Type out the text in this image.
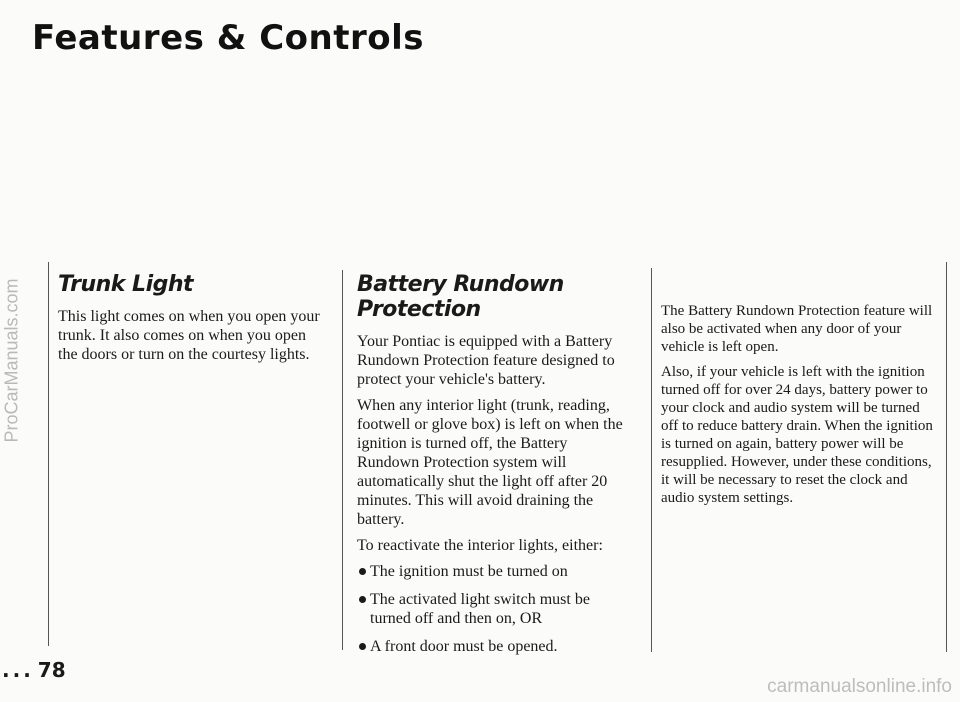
Features & Controls
ProCarManuals.com Trunk Light

This light comes on when you open your trunk. It also comes on when you open the doors or turn on the courtesy lights.

Battery Rundown Protection

Your Pontiac is equipped with a Battery Rundown Protection feature designed to protect your vehicle's battery.

When any interior light (trunk, reading, footwell or glove box) is left on when the ignition is turned off, the Battery Rundown Protection system will automatically shut the light off after 20 minutes. This will avoid draining the battery.

To reactivate the interior lights, either:

The ignition must be turned on
The activated light switch must be turned off and then on, OR
A front door must be opened.

The Battery Rundown Protection feature will also be activated when any door of your vehicle is left open.

Also, if your vehicle is left with the ignition turned off for over 24 days, battery power to your clock and audio system will be turned off to reduce battery drain. When the ignition is turned on again, battery power will be resupplied. However, under these conditions, it will be necessary to reset the clock and audio system settings.

... 78
carmanualsonline.info
